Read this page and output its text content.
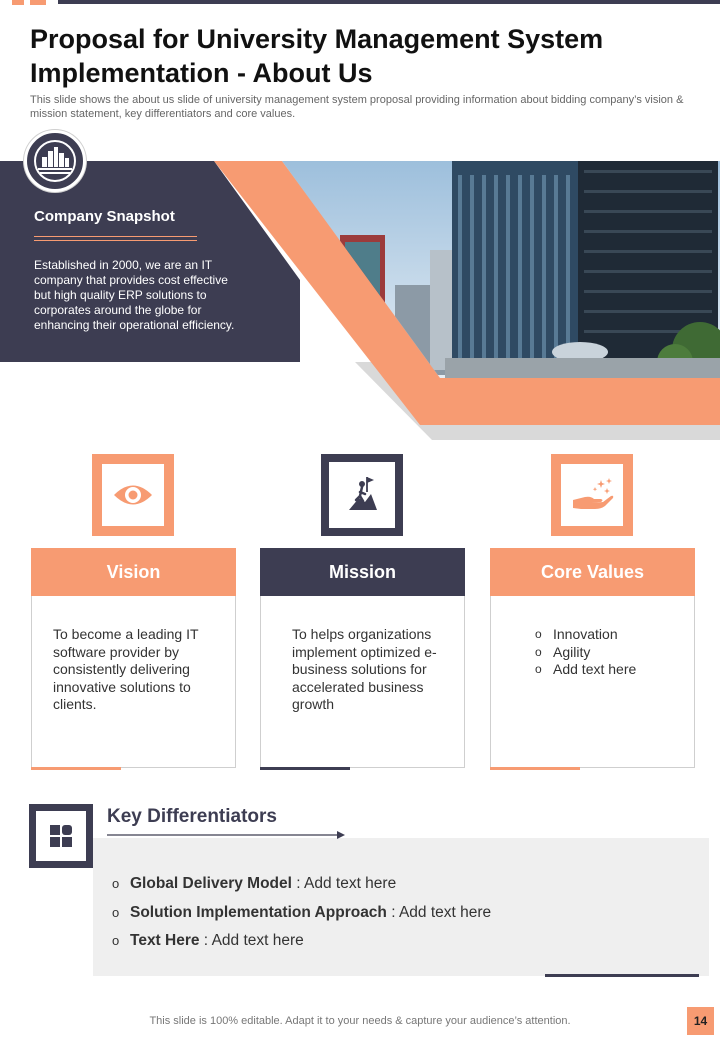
Proposal for University Management System Implementation - About Us

This slide shows the about us slide of university management system proposal providing information about bidding company’s vision & mission statement, key differentiators and core values.

Company Snapshot

Established in 2000, we are an IT company that provides cost effective but high quality ERP solutions to corporates around the globe for enhancing their operational efficiency.

Vision

To become a leading IT software provider by consistently delivering innovative solutions to clients.

Mission

To helps organizations implement optimized e-business solutions for accelerated business growth

Core Values
o Innovation
o Agility
o Add text here
Key Differentiators
o Global Delivery Model : Add text here
o Solution Implementation Approach : Add text here
o Text Here : Add text here
This slide is 100% editable. Adapt it to your needs & capture your audience’s attention.	14
